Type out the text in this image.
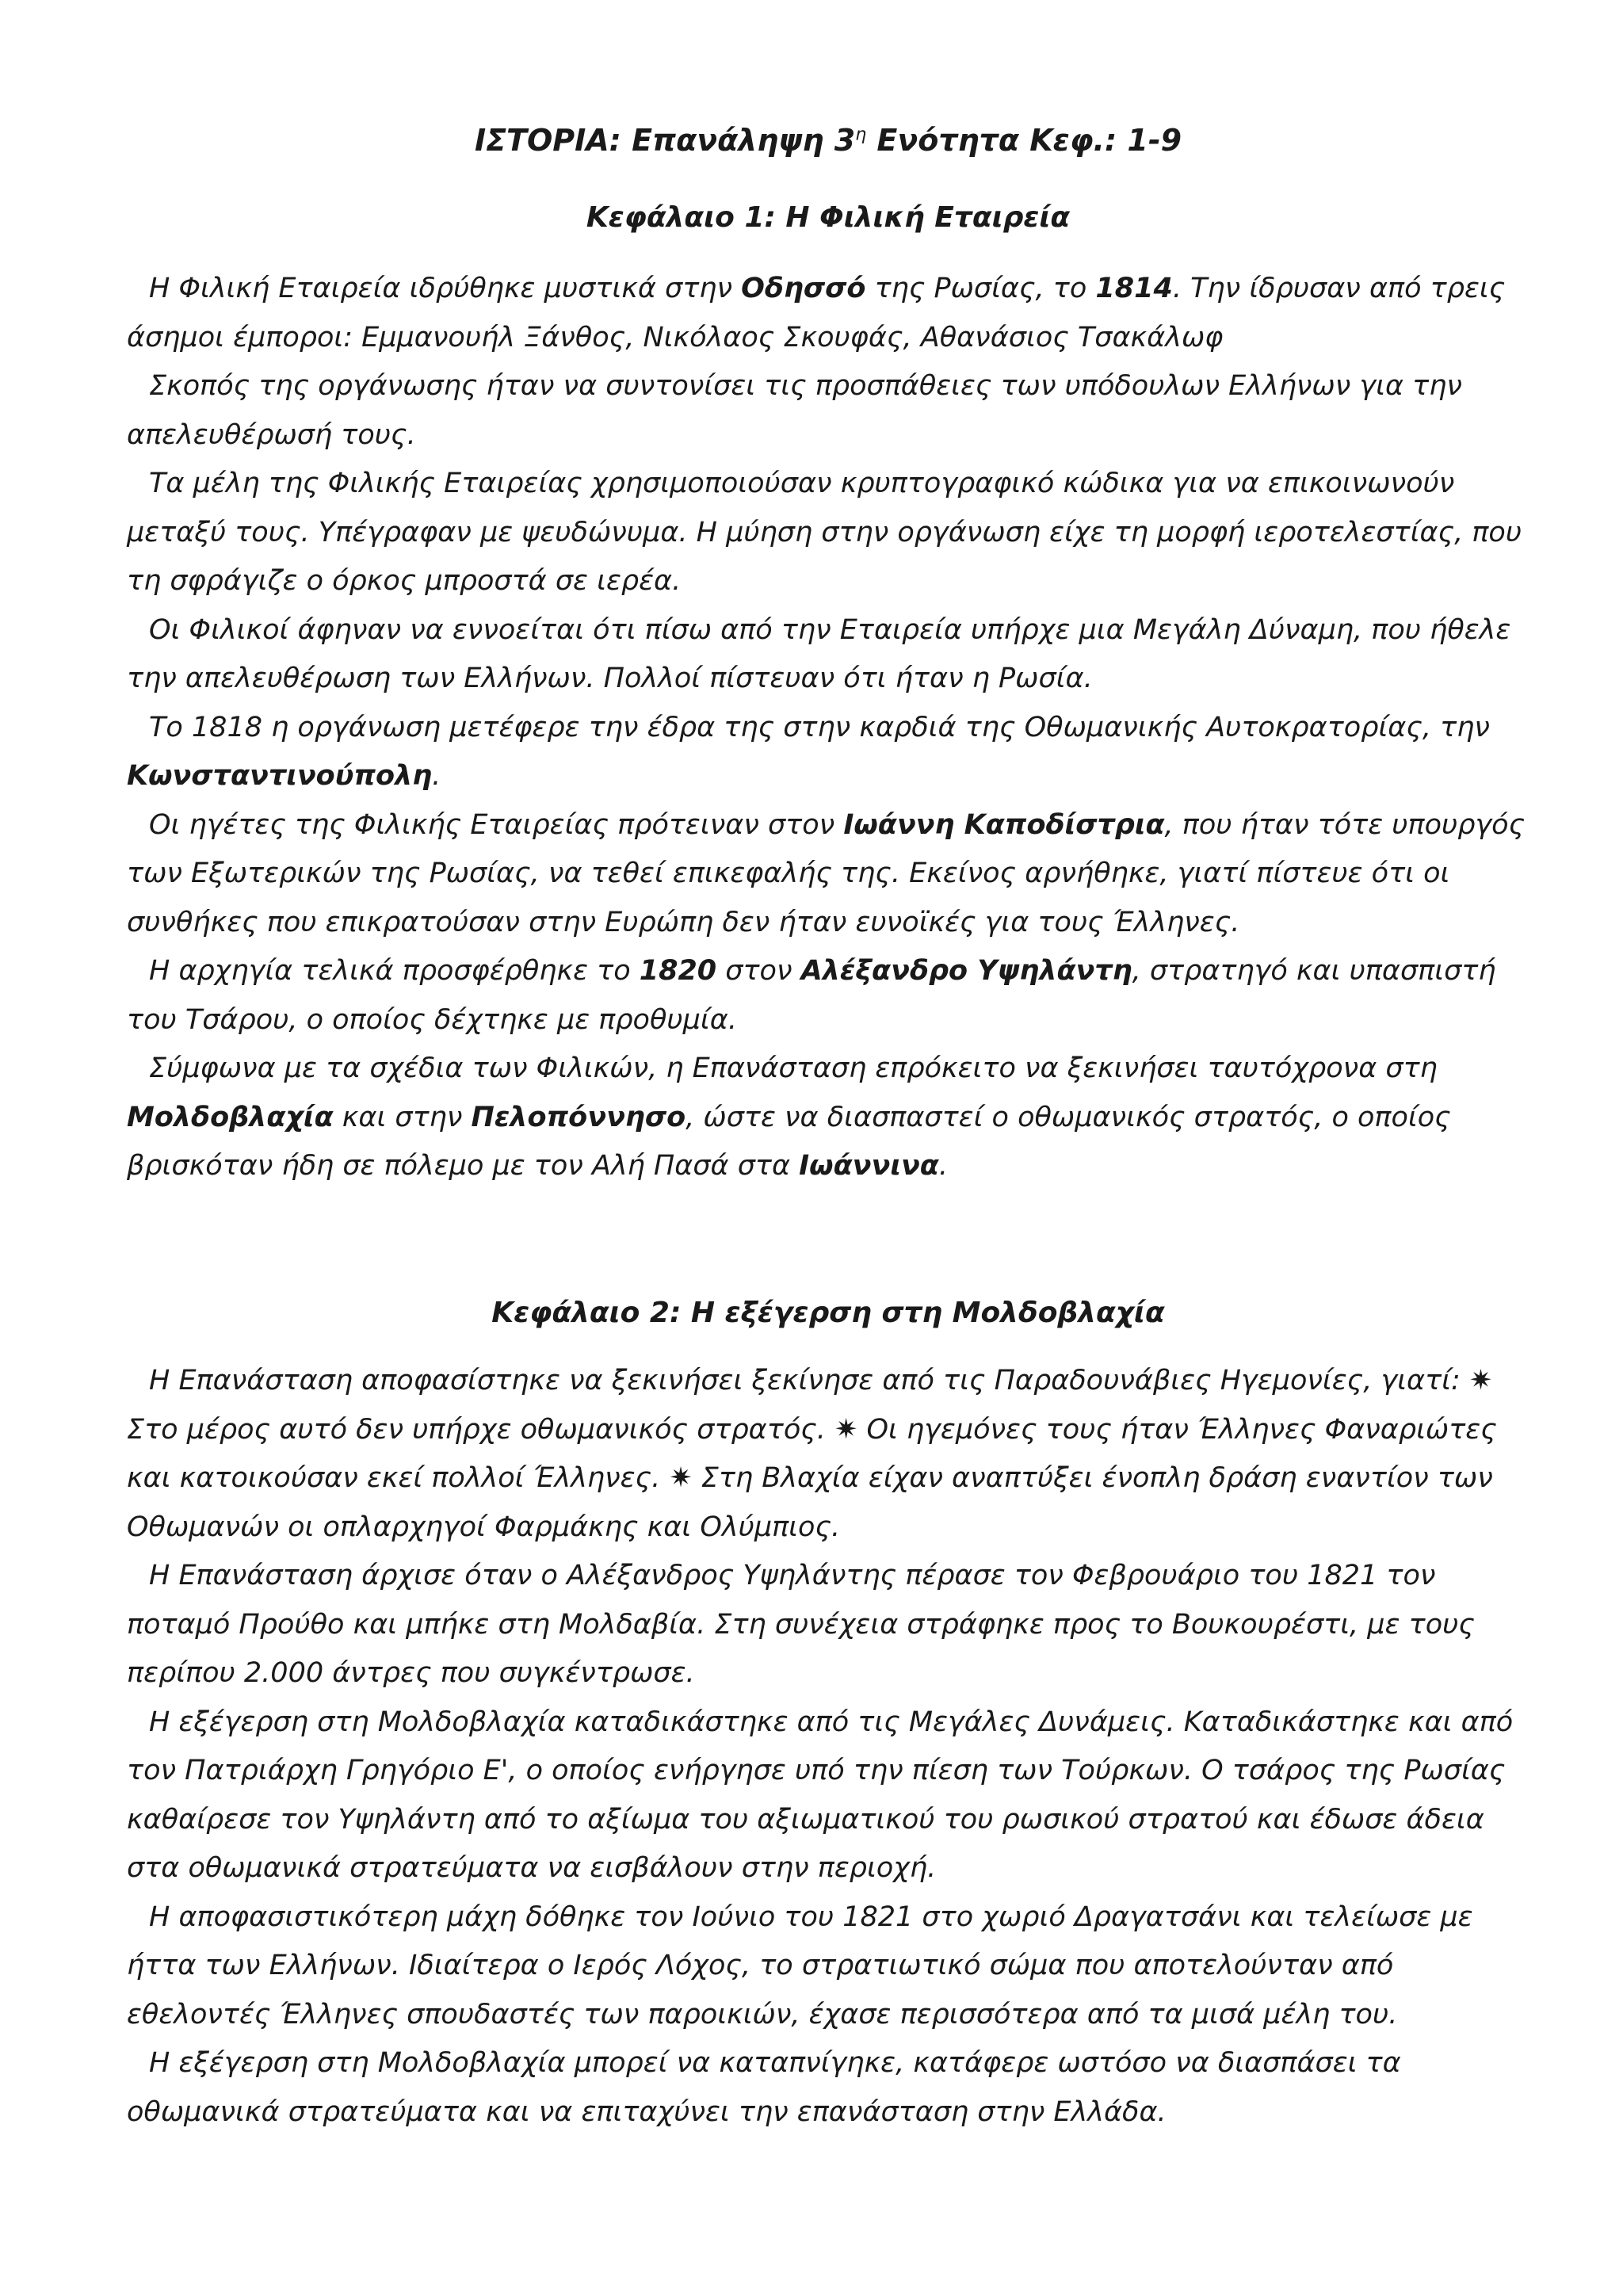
ΙΣΤΟΡΙΑ: Επανάληψη $3^\eta$ Ενότητα Κεφ.: 1-9
Κεφάλαιο 1: Η Φιλική Εταιρεία

Η Φιλική Εταιρεία ιδρύθηκε μυστικά στην Οδησσό της Ρωσίας, το 1814. Την ίδρυσαν από τρεις άσημοι έμποροι: Εμμανουήλ Ξάνθος, Νικόλαος Σκουφάς, Αθανάσιος Τσακάλωφ

Σκοπός της οργάνωσης ήταν να συντονίσει τις προσπάθειες των υπόδουλων Ελλήνων για την απελευθέρωσή τους.

Τα μέλη της Φιλικής Εταιρείας χρησιμοποιούσαν κρυπτογραφικό κώδικα για να επικοινωνούν μεταξύ τους. Υπέγραφαν με ψευδώνυμα. Η μύηση στην οργάνωση είχε τη μορφή ιεροτελεστίας, που τη σφράγιζε ο όρκος μπροστά σε ιερέα.

Οι Φιλικοί άφηναν να εννοείται ότι πίσω από την Εταιρεία υπήρχε μια Μεγάλη Δύναμη, που ήθελε την απελευθέρωση των Ελλήνων. Πολλοί πίστευαν ότι ήταν η Ρωσία.

Το 1818 η οργάνωση μετέφερε την έδρα της στην καρδιά της Οθωμανικής Αυτοκρατορίας, την Κωνσταντινούπολη.

Οι ηγέτες της Φιλικής Εταιρείας πρότειναν στον Ιωάννη Καποδίστρια, που ήταν τότε υπουργός των Εξωτερικών της Ρωσίας, να τεθεί επικεφαλής της. Εκείνος αρνήθηκε, γιατί πίστευε ότι οι συνθήκες που επικρατούσαν στην Ευρώπη δεν ήταν ευνοϊκές για τους Έλληνες.

Η αρχηγία τελικά προσφέρθηκε το 1820 στον Αλέξανδρο Υψηλάντη, στρατηγό και υπασπιστή του Τσάρου, ο οποίος δέχτηκε με προθυμία.

Σύμφωνα με τα σχέδια των Φιλικών, η Επανάσταση επρόκειτο να ξεκινήσει ταυτόχρονα στη Μολδοβλαχία και στην Πελοπόννησο, ώστε να διασπαστεί ο οθωμανικός στρατός, ο οποίος βρισκόταν ήδη σε πόλεμο με τον Αλή Πασά στα Ιωάννινα.

Κεφάλαιο 2: Η εξέγερση στη Μολδοβλαχία

Η Επανάσταση αποφασίστηκε να ξεκινήσει ξεκίνησε από τις Παραδουνάβιες Ηγεμονίες, γιατί: ✷ Στο μέρος αυτό δεν υπήρχε οθωμανικός στρατός. ✷ Οι ηγεμόνες τους ήταν Έλληνες Φαναριώτες και κατοικούσαν εκεί πολλοί Έλληνες. ✷ Στη Βλαχία είχαν αναπτύξει ένοπλη δράση εναντίον των Οθωμανών οι οπλαρχηγοί Φαρμάκης και Ολύμπιος.

Η Επανάσταση άρχισε όταν ο Αλέξανδρος Υψηλάντης πέρασε τον Φεβρουάριο του 1821 τον ποταμό Προύθο και μπήκε στη Μολδαβία. Στη συνέχεια στράφηκε προς το Βουκουρέστι, με τους περίπου 2.000 άντρες που συγκέντρωσε.

Η εξέγερση στη Μολδοβλαχία καταδικάστηκε από τις Μεγάλες Δυνάμεις. Καταδικάστηκε και από τον Πατριάρχη Γρηγόριο Ε', ο οποίος ενήργησε υπό την πίεση των Τούρκων. Ο τσάρος της Ρωσίας καθαίρεσε τον Υψηλάντη από το αξίωμα του αξιωματικού του ρωσικού στρατού και έδωσε άδεια στα οθωμανικά στρατεύματα να εισβάλουν στην περιοχή.

Η αποφασιστικότερη μάχη δόθηκε τον Ιούνιο του 1821 στο χωριό Δραγατσάνι και τελείωσε με ήττα των Ελλήνων. Ιδιαίτερα ο Ιερός Λόχος, το στρατιωτικό σώμα που αποτελούνταν από εθελοντές Έλληνες σπουδαστές των παροικιών, έχασε περισσότερα από τα μισά μέλη του.

Η εξέγερση στη Μολδοβλαχία μπορεί να καταπνίγηκε, κατάφερε ωστόσο να διασπάσει τα οθωμανικά στρατεύματα και να επιταχύνει την επανάσταση στην Ελλάδα.
